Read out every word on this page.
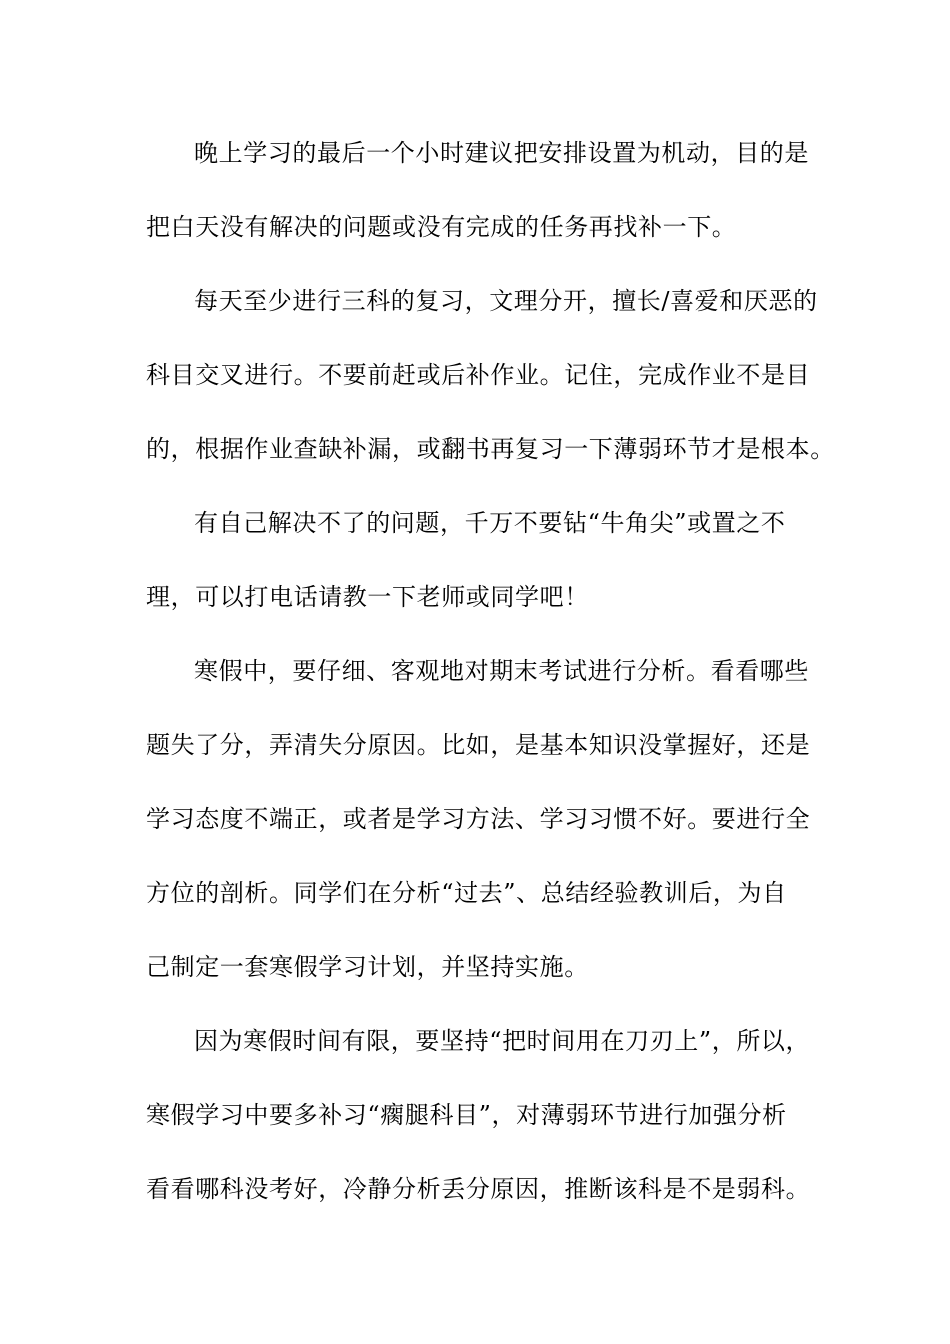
晚上学习的最后一个小时建议把安排设置为机动，目的是
把白天没有解决的问题或没有完成的任务再找补一下。
每天至少进行三科的复习，文理分开，擅长/喜爱和厌恶的
科目交叉进行。不要前赶或后补作业。记住，完成作业不是目
的，根据作业查缺补漏，或翻书再复习一下薄弱环节才是根本。
有自己解决不了的问题，千万不要钻“牛角尖”或置之不
理，可以打电话请教一下老师或同学吧！
寒假中，要仔细、客观地对期末考试进行分析。看看哪些
题失了分，弄清失分原因。比如，是基本知识没掌握好，还是
学习态度不端正，或者是学习方法、学习习惯不好。要进行全
方位的剖析。同学们在分析“过去”、总结经验教训后，为自
己制定一套寒假学习计划，并坚持实施。
因为寒假时间有限，要坚持“把时间用在刀刃上”，所以，
寒假学习中要多补习“瘸腿科目”，对薄弱环节进行加强分析
看看哪科没考好，冷静分析丢分原因，推断该科是不是弱科。
